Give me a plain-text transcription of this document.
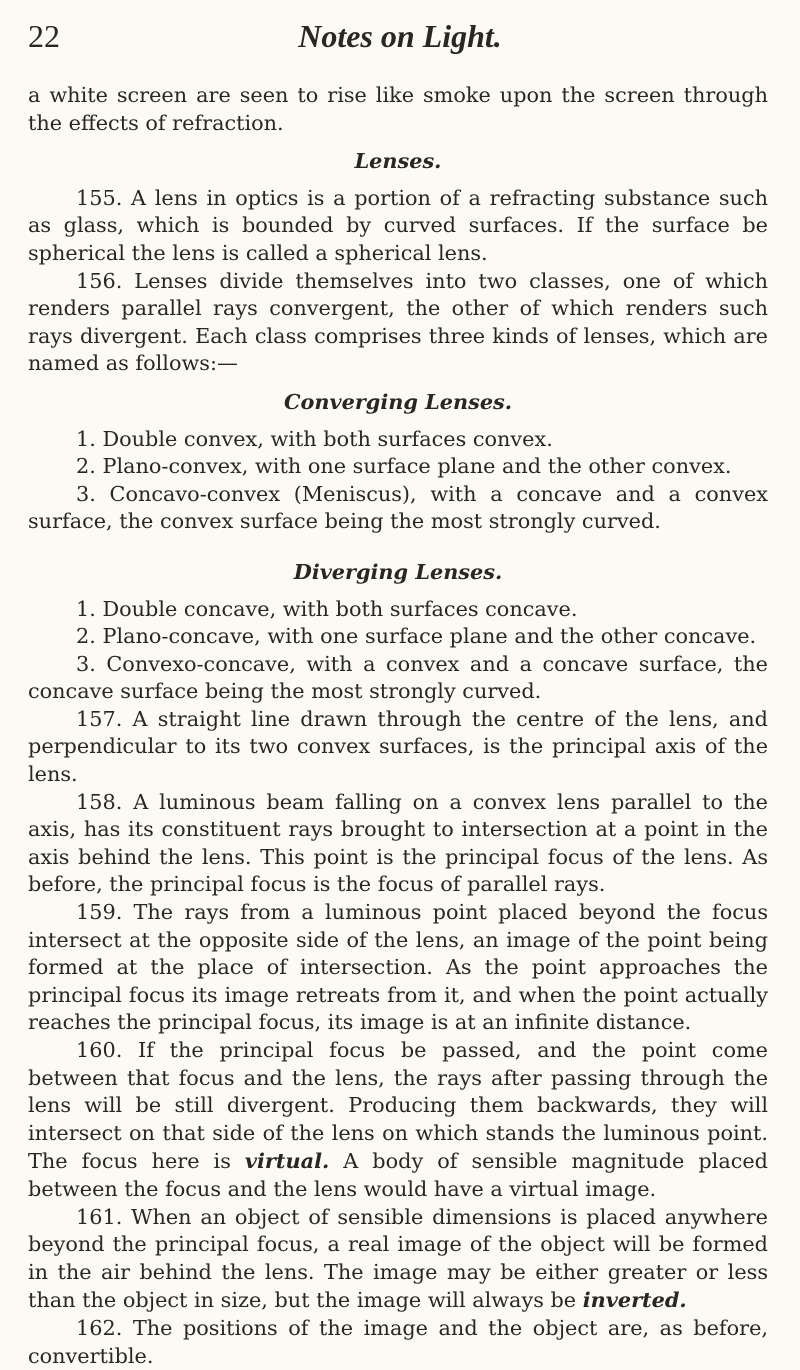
22	Notes on Light.

a white screen are seen to rise like smoke upon the screen through the effects of refraction.

Lenses.

155. A lens in optics is a portion of a refracting substance such as glass, which is bounded by curved surfaces. If the surface be spherical the lens is called a spherical lens.

156. Lenses divide themselves into two classes, one of which renders parallel rays convergent, the other of which renders such rays divergent. Each class comprises three kinds of lenses, which are named as follows:—

Converging Lenses.

1. Double convex, with both surfaces convex.

2. Plano-convex, with one surface plane and the other convex.

3. Concavo-convex (Meniscus), with a concave and a convex surface, the convex surface being the most strongly curved.

Diverging Lenses.

1. Double concave, with both surfaces concave.

2. Plano-concave, with one surface plane and the other concave.

3. Convexo-concave, with a convex and a concave surface, the concave surface being the most strongly curved.

157. A straight line drawn through the centre of the lens, and perpendicular to its two convex surfaces, is the principal axis of the lens.

158. A luminous beam falling on a convex lens parallel to the axis, has its constituent rays brought to intersection at a point in the axis behind the lens. This point is the principal focus of the lens. As before, the principal focus is the focus of parallel rays.

159. The rays from a luminous point placed beyond the focus intersect at the opposite side of the lens, an image of the point being formed at the place of intersection. As the point approaches the principal focus its image retreats from it, and when the point actually reaches the principal focus, its image is at an infinite distance.

160. If the principal focus be passed, and the point come between that focus and the lens, the rays after passing through the lens will be still divergent. Producing them backwards, they will intersect on that side of the lens on which stands the luminous point. The focus here is virtual. A body of sensible magnitude placed between the focus and the lens would have a virtual image.

161. When an object of sensible dimensions is placed anywhere beyond the principal focus, a real image of the object will be formed in the air behind the lens. The image may be either greater or less than the object in size, but the image will always be inverted.

162. The positions of the image and the object are, as before, convertible.
